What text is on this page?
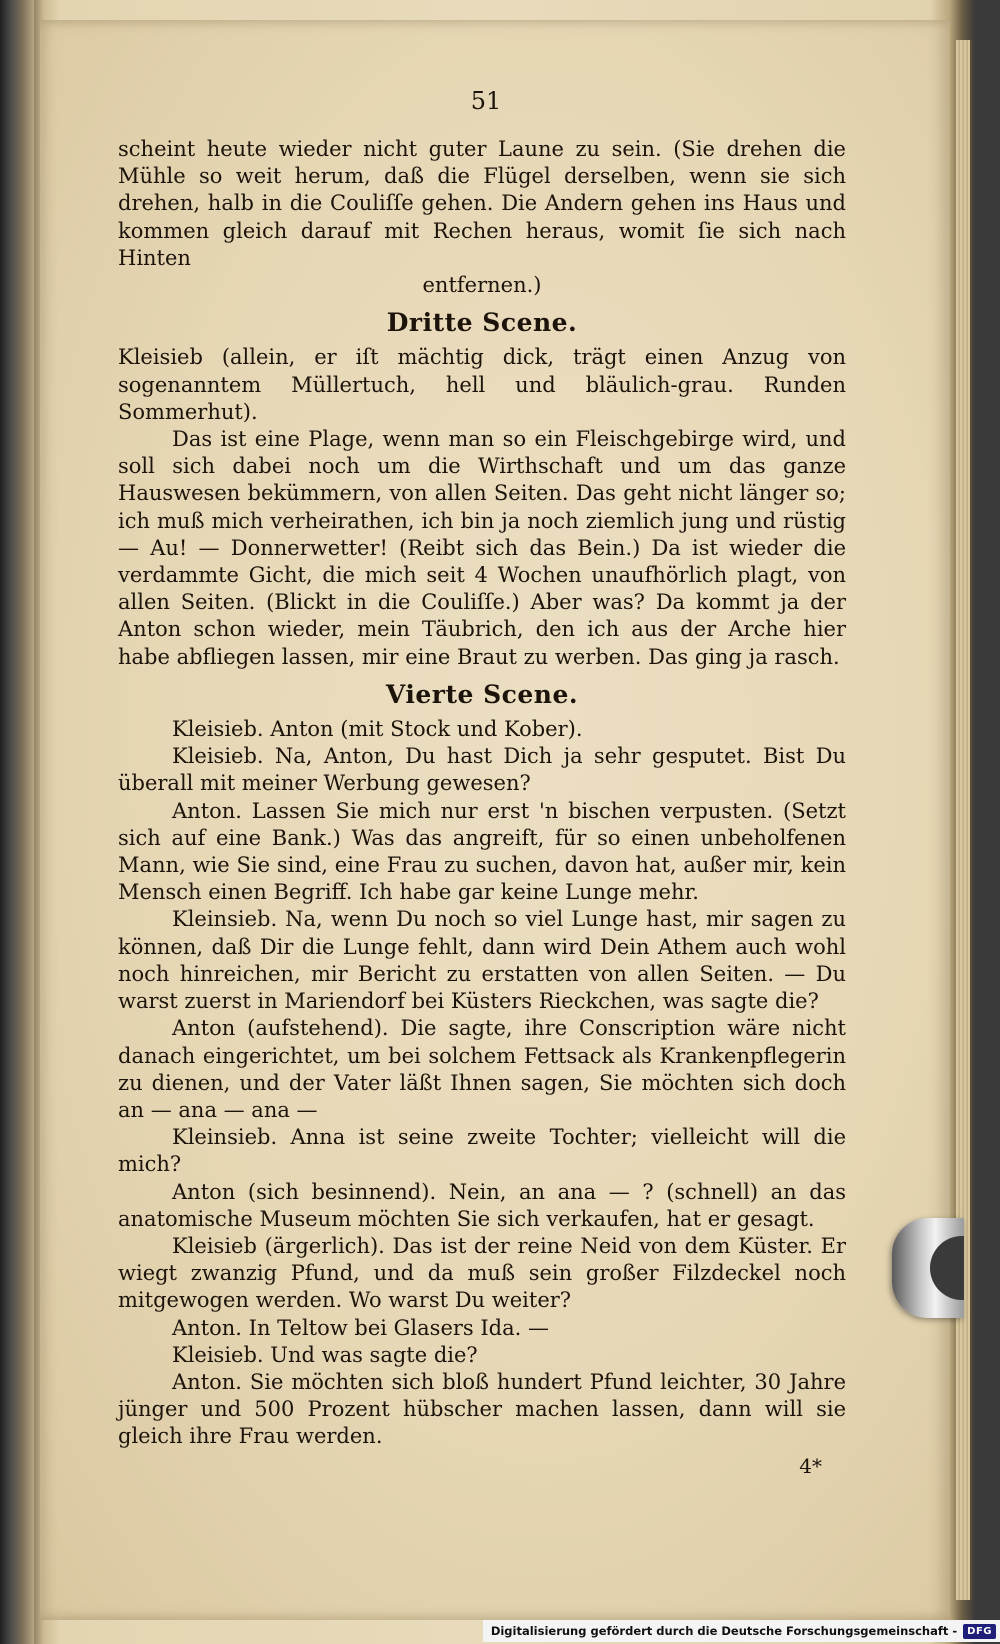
51

scheint heute wieder nicht guter Laune zu sein. (Sie drehen die Mühle so weit herum, daß die Flügel derselben, wenn sie sich drehen, halb in die Couliſſe gehen. Die Andern gehen ins Haus und kommen gleich darauf mit Rechen heraus, womit ſie sich nach Hinten

entfernen.)

Dritte Scene.

Kleisieb (allein, er iſt mächtig dick, trägt einen Anzug von sogenanntem Müllertuch, hell und bläulich-grau. Runden Sommerhut).

Das ist eine Plage, wenn man so ein Fleischgebirge wird, und soll sich dabei noch um die Wirthschaft und um das ganze Hauswesen bekümmern, von allen Seiten. Das geht nicht länger so; ich muß mich verheirathen, ich bin ja noch ziemlich jung und rüstig — Au! — Donnerwetter! (Reibt sich das Bein.) Da ist wieder die verdammte Gicht, die mich seit 4 Wochen unaufhörlich plagt, von allen Seiten. (Blickt in die Couliſſe.) Aber was? Da kommt ja der Anton schon wieder, mein Täubrich, den ich aus der Arche hier habe abfliegen lassen, mir eine Braut zu werben. Das ging ja rasch.

Vierte Scene.

Kleisieb. Anton (mit Stock und Kober).

Kleisieb. Na, Anton, Du hast Dich ja sehr gesputet. Bist Du überall mit meiner Werbung gewesen?

Anton. Lassen Sie mich nur erst 'n bischen verpusten. (Setzt sich auf eine Bank.) Was das angreift, für so einen unbeholfenen Mann, wie Sie sind, eine Frau zu suchen, davon hat, außer mir, kein Mensch einen Begriff. Ich habe gar keine Lunge mehr.

Kleinsieb. Na, wenn Du noch so viel Lunge hast, mir sagen zu können, daß Dir die Lunge fehlt, dann wird Dein Athem auch wohl noch hinreichen, mir Bericht zu erstatten von allen Seiten. — Du warst zuerst in Mariendorf bei Küsters Rieckchen, was sagte die?

Anton (aufstehend). Die sagte, ihre Conscription wäre nicht danach eingerichtet, um bei solchem Fettsack als Krankenpflegerin zu dienen, und der Vater läßt Ihnen sagen, Sie möchten sich doch an — ana — ana —

Kleinsieb. Anna ist seine zweite Tochter; vielleicht will die mich?

Anton (sich besinnend). Nein, an ana — ? (schnell) an das anatomische Museum möchten Sie sich verkaufen, hat er gesagt.

Kleisieb (ärgerlich). Das ist der reine Neid von dem Küster. Er wiegt zwanzig Pfund, und da muß sein großer Filzdeckel noch mitgewogen werden. Wo warst Du weiter?

Anton. In Teltow bei Glasers Ida. —

Kleisieb. Und was sagte die?

Anton. Sie möchten sich bloß hundert Pfund leichter, 30 Jahre jünger und 500 Prozent hübscher machen lassen, dann will sie gleich ihre Frau werden.

4*
Digitalisierung gefördert durch die Deutsche Forschungsgemeinschaft -	DFG
